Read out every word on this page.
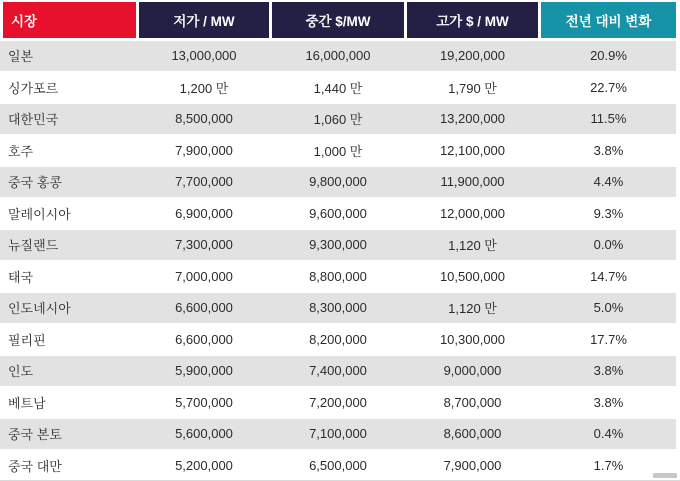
시장	저가 / MW	중간 $/MW	고가 $ / MW	전년 대비 변화
일본	13,000,000	16,000,000	19,200,000	20.9%
싱가포르	1,200 만	1,440 만	1,790 만	22.7%
대한민국	8,500,000	1,060 만	13,200,000	11.5%
호주	7,900,000	1,000 만	12,100,000	3.8%
중국 홍콩	7,700,000	9,800,000	11,900,000	4.4%
말레이시아	6,900,000	9,600,000	12,000,000	9.3%
뉴질랜드	7,300,000	9,300,000	1,120 만	0.0%
태국	7,000,000	8,800,000	10,500,000	14.7%
인도네시아	6,600,000	8,300,000	1,120 만	5.0%
필리핀	6,600,000	8,200,000	10,300,000	17.7%
인도	5,900,000	7,400,000	9,000,000	3.8%
베트남	5,700,000	7,200,000	8,700,000	3.8%
중국 본토	5,600,000	7,100,000	8,600,000	0.4%
중국 대만	5,200,000	6,500,000	7,900,000	1.7%
